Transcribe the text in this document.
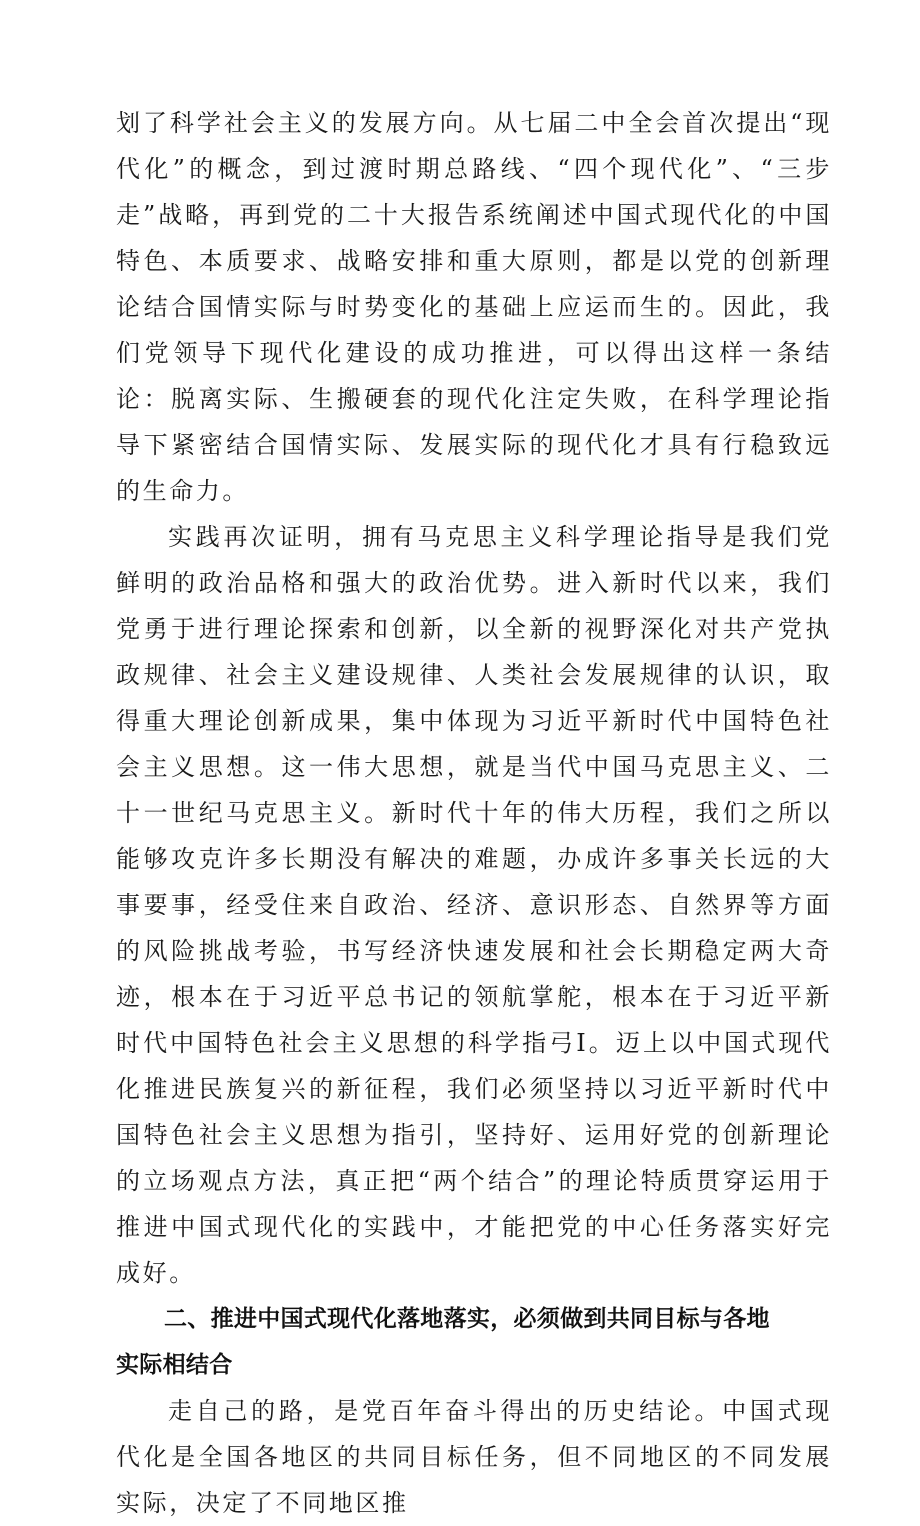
划了科学社会主义的发展方向。从七届二中全会首次提出“现代化”的概念，到过渡时期总路线、“四个现代化”、“三步走”战略，再到党的二十大报告系统阐述中国式现代化的中国特色、本质要求、战略安排和重大原则，都是以党的创新理论结合国情实际与时势变化的基础上应运而生的。因此，我们党领导下现代化建设的成功推进，可以得出这样一条结论：脱离实际、生搬硬套的现代化注定失败，在科学理论指导下紧密结合国情实际、发展实际的现代化才具有行稳致远的生命力。

实践再次证明，拥有马克思主义科学理论指导是我们党鲜明的政治品格和强大的政治优势。进入新时代以来，我们党勇于进行理论探索和创新，以全新的视野深化对共产党执政规律、社会主义建设规律、人类社会发展规律的认识，取得重大理论创新成果，集中体现为习近平新时代中国特色社会主义思想。这一伟大思想，就是当代中国马克思主义、二十一世纪马克思主义。新时代十年的伟大历程，我们之所以能够攻克许多长期没有解决的难题，办成许多事关长远的大事要事，经受住来自政治、经济、意识形态、自然界等方面的风险挑战考验，书写经济快速发展和社会长期稳定两大奇迹，根本在于习近平总书记的领航掌舵，根本在于习近平新时代中国特色社会主义思想的科学指弓I。迈上以中国式现代化推进民族复兴的新征程，我们必须坚持以习近平新时代中国特色社会主义思想为指引，坚持好、运用好党的创新理论的立场观点方法，真正把“两个结合”的理论特质贯穿运用于推进中国式现代化的实践中，才能把党的中心任务落实好完成好。

二、推进中国式现代化落地落实，必须做到共同目标与各地
实际相结合

走自己的路，是党百年奋斗得出的历史结论。中国式现代化是全国各地区的共同目标任务，但不同地区的不同发展实际，决定了不同地区推
